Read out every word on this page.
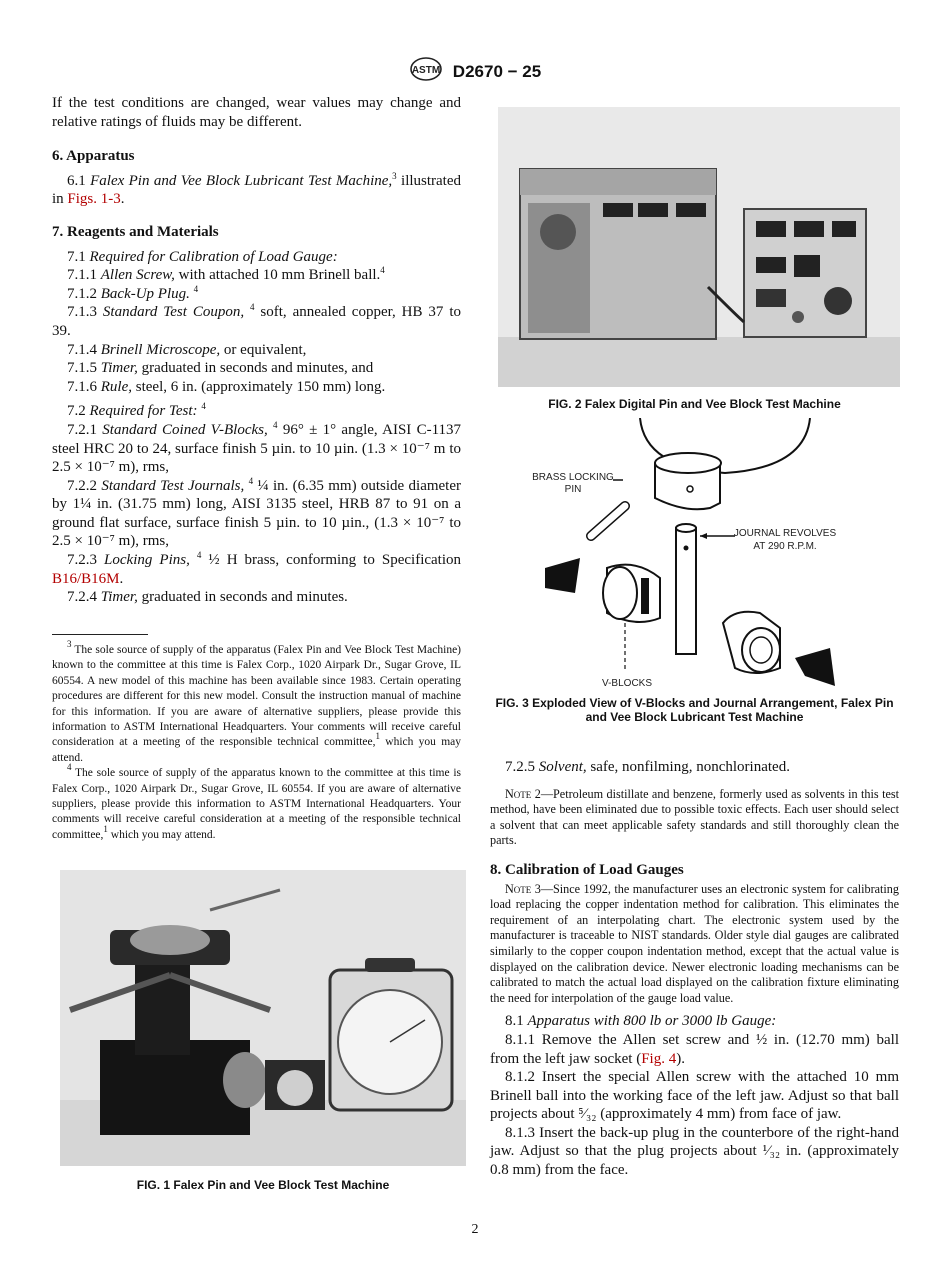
ASTM D2670 − 25

If the test conditions are changed, wear values may change and relative ratings of fluids may be different.

6. Apparatus

6.1 Falex Pin and Vee Block Lubricant Test Machine,$^3$ illustrated in Figs. 1-3.

7. Reagents and Materials

7.1 Required for Calibration of Load Gauge:

7.1.1 Allen Screw, with attached 10 mm Brinell ball.$^4$

7.1.2 Back-Up Plug. $^4$

7.1.3 Standard Test Coupon, $^4$ soft, annealed copper, HB 37 to 39.

7.1.4 Brinell Microscope, or equivalent,

7.1.5 Timer, graduated in seconds and minutes, and

7.1.6 Rule, steel, 6 in. (approximately 150 mm) long.

7.2 Required for Test: $^4$

7.2.1 Standard Coined V-Blocks, $^4$ 96° ± 1° angle, AISI C-1137 steel HRC 20 to 24, surface finish 5 µin. to 10 µin. (1.3 × 10⁻⁷ m to 2.5 × 10⁻⁷ m), rms,

7.2.2 Standard Test Journals, $^4$ ¼ in. (6.35 mm) outside diameter by 1¼ in. (31.75 mm) long, AISI 3135 steel, HRB 87 to 91 on a ground flat surface, surface finish 5 µin. to 10 µin., (1.3 × 10⁻⁷ to 2.5 × 10⁻⁷ m), rms,

7.2.3 Locking Pins, $^4$ ½ H brass, conforming to Specification B16/B16M.

7.2.4 Timer, graduated in seconds and minutes.

$^3$ The sole source of supply of the apparatus (Falex Pin and Vee Block Test Machine) known to the committee at this time is Falex Corp., 1020 Airpark Dr., Sugar Grove, IL 60554. A new model of this machine has been available since 1983. Certain operating procedures are different for this new model. Consult the instruction manual of machine for this information. If you are aware of alternative suppliers, please provide this information to ASTM International Headquarters. Your comments will receive careful consideration at a meeting of the responsible technical committee,$^1$ which you may attend.

$^4$ The sole source of supply of the apparatus known to the committee at this time is Falex Corp., 1020 Airpark Dr., Sugar Grove, IL 60554. If you are aware of alternative suppliers, please provide this information to ASTM International Headquarters. Your comments will receive careful consideration at a meeting of the responsible technical committee,$^1$ which you may attend.

FIG. 1 Falex Pin and Vee Block Test Machine
FIG. 2 Falex Digital Pin and Vee Block Test Machine
BRASS LOCKING
PIN
JOURNAL REVOLVES
AT 290 R.P.M.
V-BLOCKS
FIG. 3 Exploded View of V-Blocks and Journal Arrangement, Falex Pin and Vee Block Lubricant Test Machine

7.2.5 Solvent, safe, nonfilming, nonchlorinated.

Note 2—Petroleum distillate and benzene, formerly used as solvents in this test method, have been eliminated due to possible toxic effects. Each user should select a solvent that can meet applicable safety standards and still thoroughly clean the parts.

8. Calibration of Load Gauges

Note 3—Since 1992, the manufacturer uses an electronic system for calibrating load replacing the copper indentation method for calibration. This eliminates the requirement of an interpolating chart. The electronic system used by the manufacturer is traceable to NIST standards. Older style dial gauges are calibrated similarly to the copper coupon indentation method, except that the actual value is displayed on the calibration device. Newer electronic loading mechanisms can be calibrated to match the actual load displayed on the calibration fixture eliminating the need for interpolation of the gauge load value.

8.1 Apparatus with 800 lb or 3000 lb Gauge:

8.1.1 Remove the Allen set screw and ½ in. (12.70 mm) ball from the left jaw socket (Fig. 4).

8.1.2 Insert the special Allen screw with the attached 10 mm Brinell ball into the working face of the left jaw. Adjust so that ball projects about ⁵⁄₃₂ (approximately 4 mm) from face of jaw.

8.1.3 Insert the back-up plug in the counterbore of the right-hand jaw. Adjust so that the plug projects about ¹⁄₃₂ in. (approximately 0.8 mm) from the face.

2
